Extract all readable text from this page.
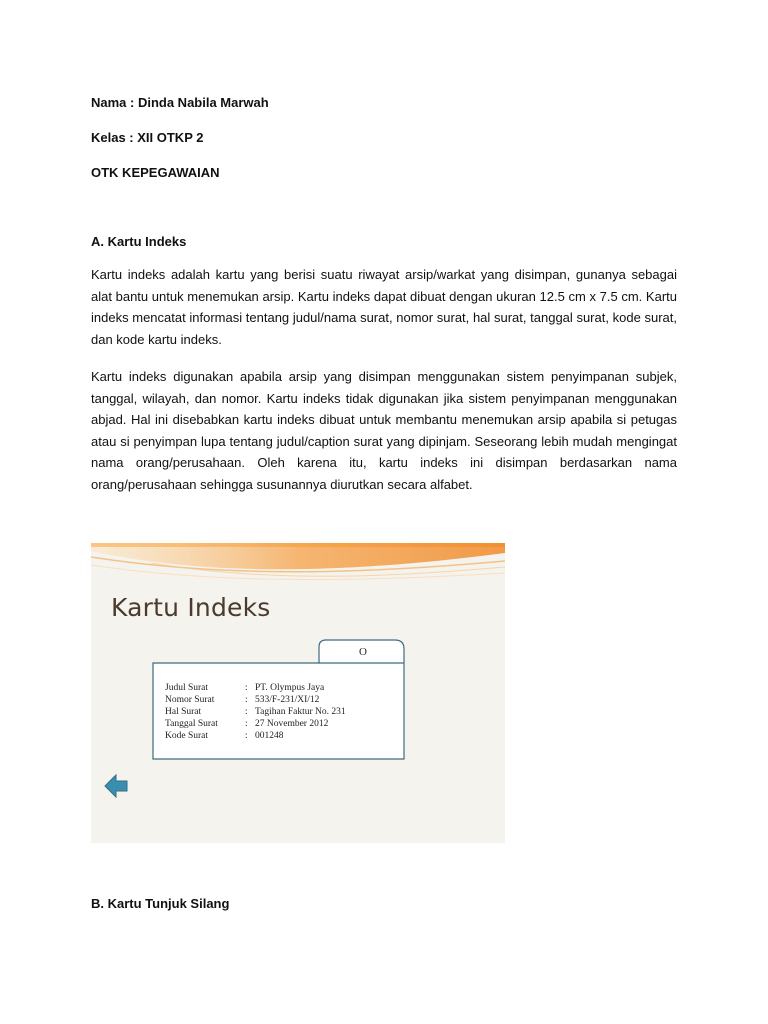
Nama : Dinda Nabila Marwah
Kelas : XII OTKP 2
OTK KEPEGAWAIAN
A. Kartu Indeks

Kartu indeks adalah kartu yang berisi suatu riwayat arsip/warkat yang disimpan, gunanya sebagai alat bantu untuk menemukan arsip. Kartu indeks dapat dibuat dengan ukuran 12.5 cm x 7.5 cm. Kartu indeks mencatat informasi tentang judul/nama surat, nomor surat, hal surat, tanggal surat, kode surat, dan kode kartu indeks.

Kartu indeks digunakan apabila arsip yang disimpan menggunakan sistem penyimpanan subjek, tanggal, wilayah, dan nomor. Kartu indeks tidak digunakan jika sistem penyimpanan menggunakan abjad. Hal ini disebabkan kartu indeks dibuat untuk membantu menemukan arsip apabila si petugas atau si penyimpan lupa tentang judul/caption surat yang dipinjam. Seseorang lebih mudah mengingat nama orang/perusahaan. Oleh karena itu, kartu indeks ini disimpan berdasarkan nama orang/perusahaan sehingga susunannya diurutkan secara alfabet.

Kartu Indeks
O
Judul Surat	: PT. Olympus Jaya
Nomor Surat	: 533/F-231/XI/12
Hal Surat	: Tagihan Faktur No. 231
Tanggal Surat	: 27 November 2012
Kode Surat	: 001248
B. Kartu Tunjuk Silang
